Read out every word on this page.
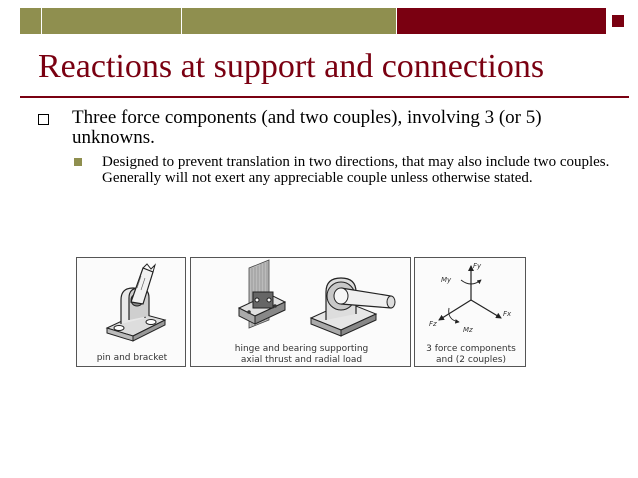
Reactions at support and connections
Three force components (and two couples), involving 3 (or 5) unknowns.
Designed to prevent translation in two directions, that may also include two couples. Generally will not exert any appreciable couple unless otherwise stated.
pin and bracket
hinge and bearing supporting
axial thrust and radial load
Fy
My
Fx
Fz
Mz
3 force components
and (2 couples)
